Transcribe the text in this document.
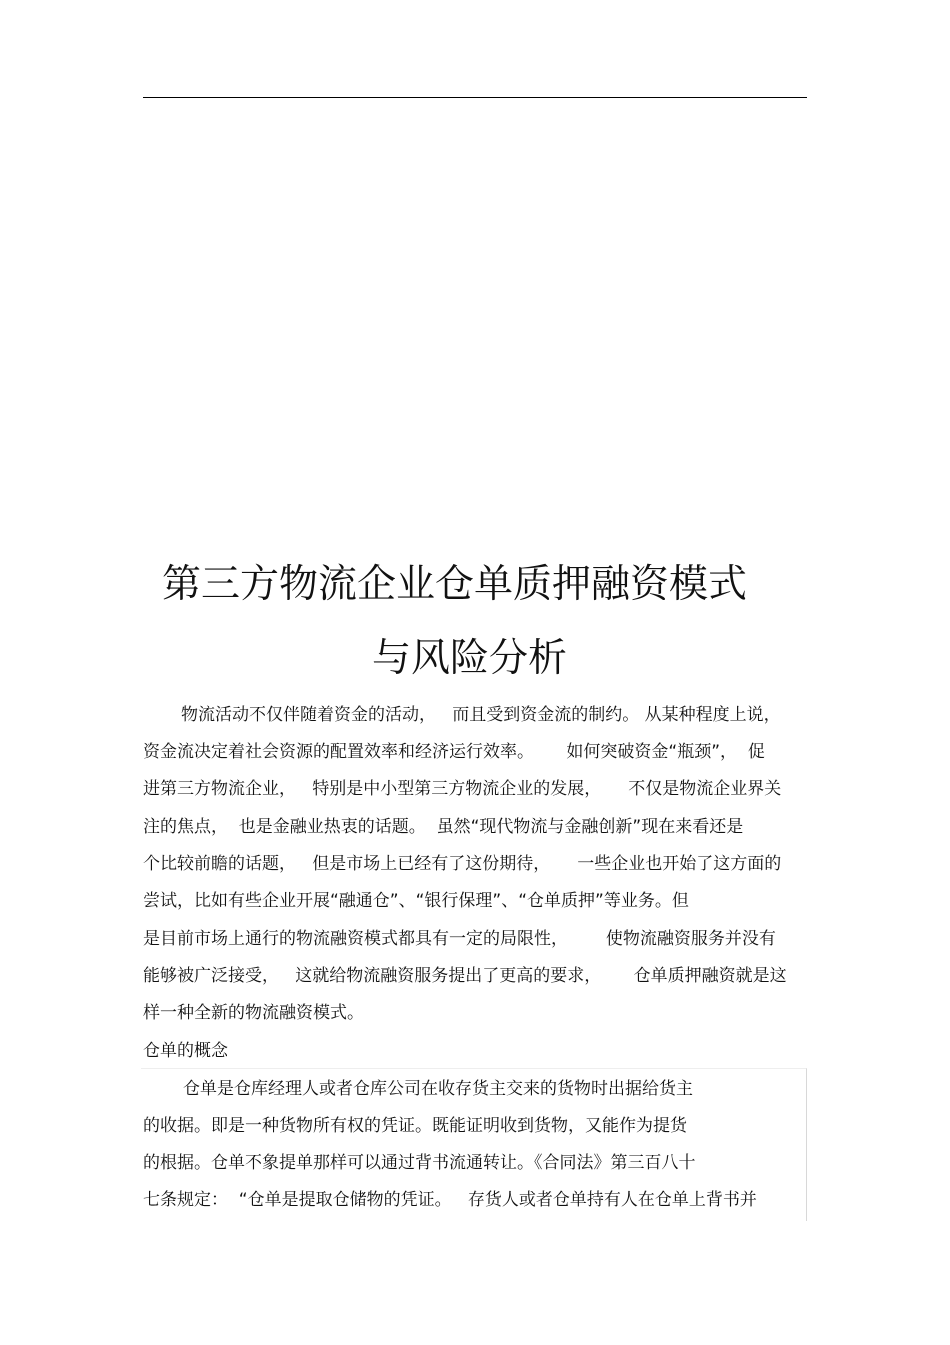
第三方物流企业仓单质押融资模式
与风险分析
物流活动不仅伴随着资金的活动，   而且受到资金流的制约。 从某种程度上说，
资金流决定着社会资源的配置效率和经济运行效率。      如何突破资金“瓶颈”，  促
进第三方物流企业，   特别是中小型第三方物流企业的发展，     不仅是物流企业界关
注的焦点，  也是金融业热衷的话题。  虽然“现代物流与金融创新”现在来看还是
个比较前瞻的话题，   但是市场上已经有了这份期待，     一些企业也开始了这方面的
尝试，比如有些企业开展“融通仓”、“银行保理”、“仓单质押”等业务。但
是目前市场上通行的物流融资模式都具有一定的局限性，       使物流融资服务并没有
能够被广泛接受，   这就给物流融资服务提出了更高的要求，      仓单质押融资就是这
样一种全新的物流融资模式。
仓单的概念
仓单是仓库经理人或者仓库公司在收存货主交来的货物时出据给货主
的收据。即是一种货物所有权的凭证。既能证明收到货物，又能作为提货
的根据。仓单不象提单那样可以通过背书流通转让。《合同法》第三百八十
七条规定：  “仓单是提取仓储物的凭证。   存货人或者仓单持有人在仓单上背书并
